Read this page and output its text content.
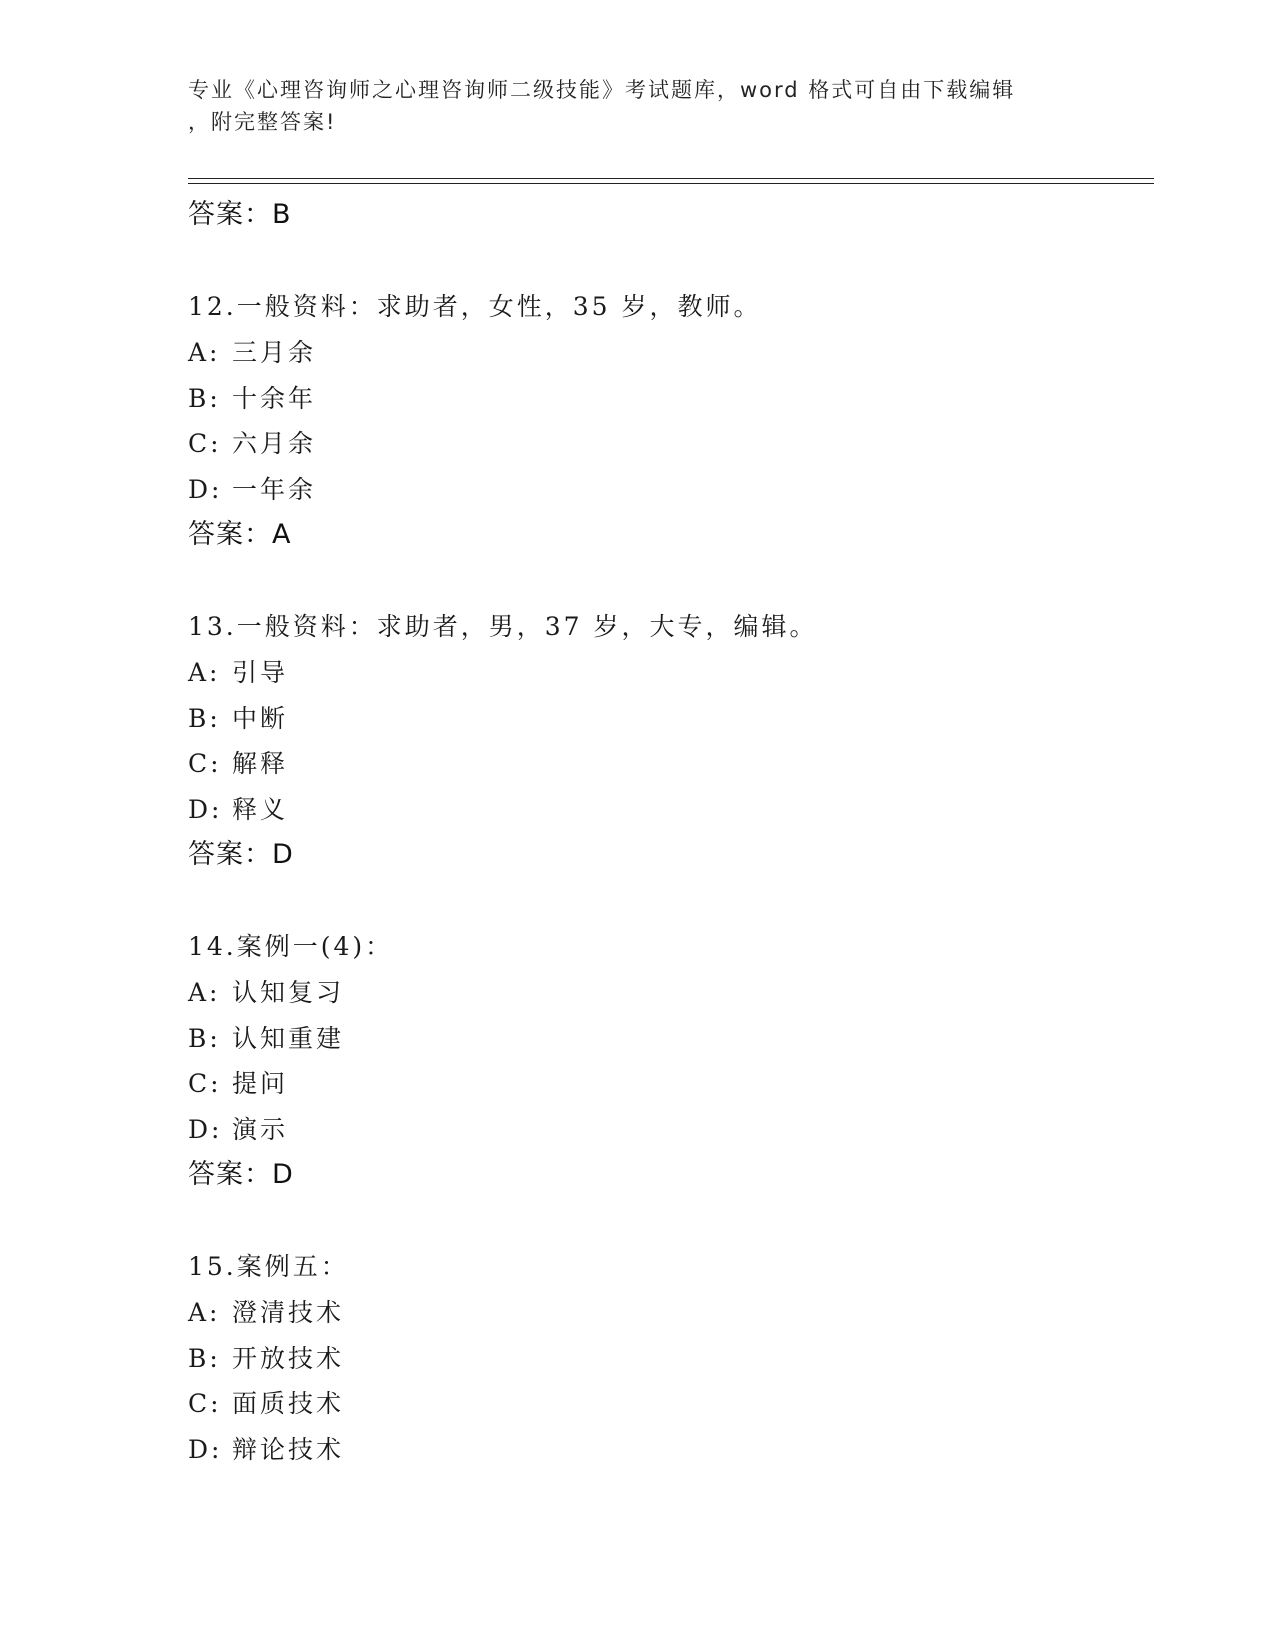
专业《心理咨询师之心理咨询师二级技能》考试题库，word 格式可自由下载编辑
，附完整答案!
答案：B
12.一般资料：求助者，女性，35 岁，教师。
A: 三月余
B: 十余年
C: 六月余
D: 一年余
答案：A
13.一般资料：求助者，男，37 岁，大专，编辑。
A: 引导
B: 中断
C: 解释
D: 释义
答案：D
14.案例一(4)：
A: 认知复习
B: 认知重建
C: 提问
D: 演示
答案：D
15.案例五：
A: 澄清技术
B: 开放技术
C: 面质技术
D: 辩论技术
